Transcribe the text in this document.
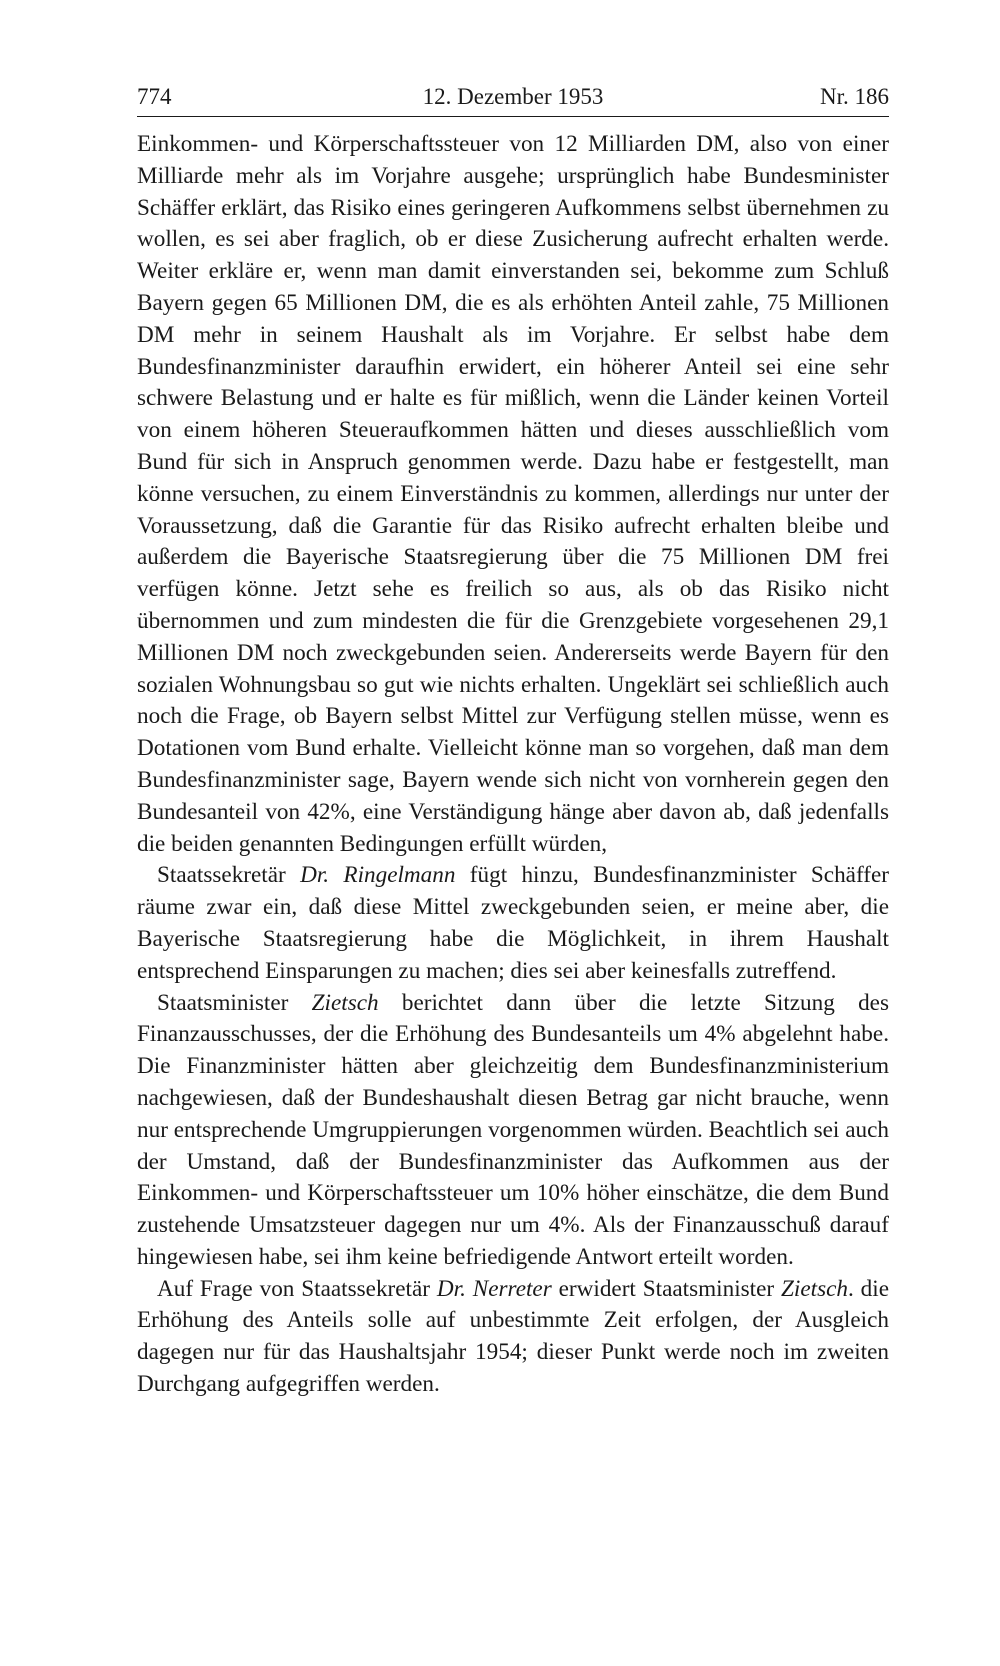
774	12. Dezember 1953	Nr. 186

Einkommen- und Körperschaftssteuer von 12 Milliarden DM, also von einer Milliarde mehr als im Vorjahre ausgehe; ursprünglich habe Bundesminister Schäffer erklärt, das Risiko eines geringeren Aufkommens selbst übernehmen zu wollen, es sei aber fraglich, ob er diese Zusicherung aufrecht erhalten werde. Weiter erkläre er, wenn man damit einverstanden sei, bekomme zum Schluß Bayern gegen 65 Millionen DM, die es als erhöhten Anteil zahle, 75 Millionen DM mehr in seinem Haushalt als im Vorjahre. Er selbst habe dem Bundesfinanzminister daraufhin erwidert, ein höherer Anteil sei eine sehr schwere Belastung und er halte es für mißlich, wenn die Länder keinen Vorteil von einem höheren Steueraufkommen hätten und dieses ausschließlich vom Bund für sich in Anspruch genommen werde. Dazu habe er festgestellt, man könne versuchen, zu einem Einverständnis zu kommen, allerdings nur unter der Voraussetzung, daß die Garantie für das Risiko aufrecht erhalten bleibe und außerdem die Bayerische Staatsregierung über die 75 Millionen DM frei verfügen könne. Jetzt sehe es freilich so aus, als ob das Risiko nicht übernommen und zum mindesten die für die Grenzgebiete vorgesehenen 29,1 Millionen DM noch zweckgebunden seien. Andererseits werde Bayern für den sozialen Wohnungsbau so gut wie nichts erhalten. Ungeklärt sei schließlich auch noch die Frage, ob Bayern selbst Mittel zur Verfügung stellen müsse, wenn es Dotationen vom Bund erhalte. Vielleicht könne man so vorgehen, daß man dem Bundesfinanzminister sage, Bayern wende sich nicht von vornherein gegen den Bundesanteil von 42%, eine Verständigung hänge aber davon ab, daß jedenfalls die beiden genannten Bedingungen erfüllt würden,

Staatssekretär Dr. Ringelmann fügt hinzu, Bundesfinanzminister Schäffer räume zwar ein, daß diese Mittel zweckgebunden seien, er meine aber, die Bayerische Staatsregierung habe die Möglichkeit, in ihrem Haushalt entsprechend Einsparungen zu machen; dies sei aber keinesfalls zutreffend.

Staatsminister Zietsch berichtet dann über die letzte Sitzung des Finanzausschusses, der die Erhöhung des Bundesanteils um 4% abgelehnt habe. Die Finanzminister hätten aber gleichzeitig dem Bundesfinanzministerium nachgewiesen, daß der Bundeshaushalt diesen Betrag gar nicht brauche, wenn nur entsprechende Umgruppierungen vorgenommen würden. Beachtlich sei auch der Umstand, daß der Bundesfinanzminister das Aufkommen aus der Einkommen- und Körperschaftssteuer um 10% höher einschätze, die dem Bund zustehende Umsatzsteuer dagegen nur um 4%. Als der Finanzausschuß darauf hingewiesen habe, sei ihm keine befriedigende Antwort erteilt worden.

Auf Frage von Staatssekretär Dr. Nerreter erwidert Staatsminister Zietsch. die Erhöhung des Anteils solle auf unbestimmte Zeit erfolgen, der Ausgleich dagegen nur für das Haushaltsjahr 1954; dieser Punkt werde noch im zweiten Durchgang aufgegriffen werden.
